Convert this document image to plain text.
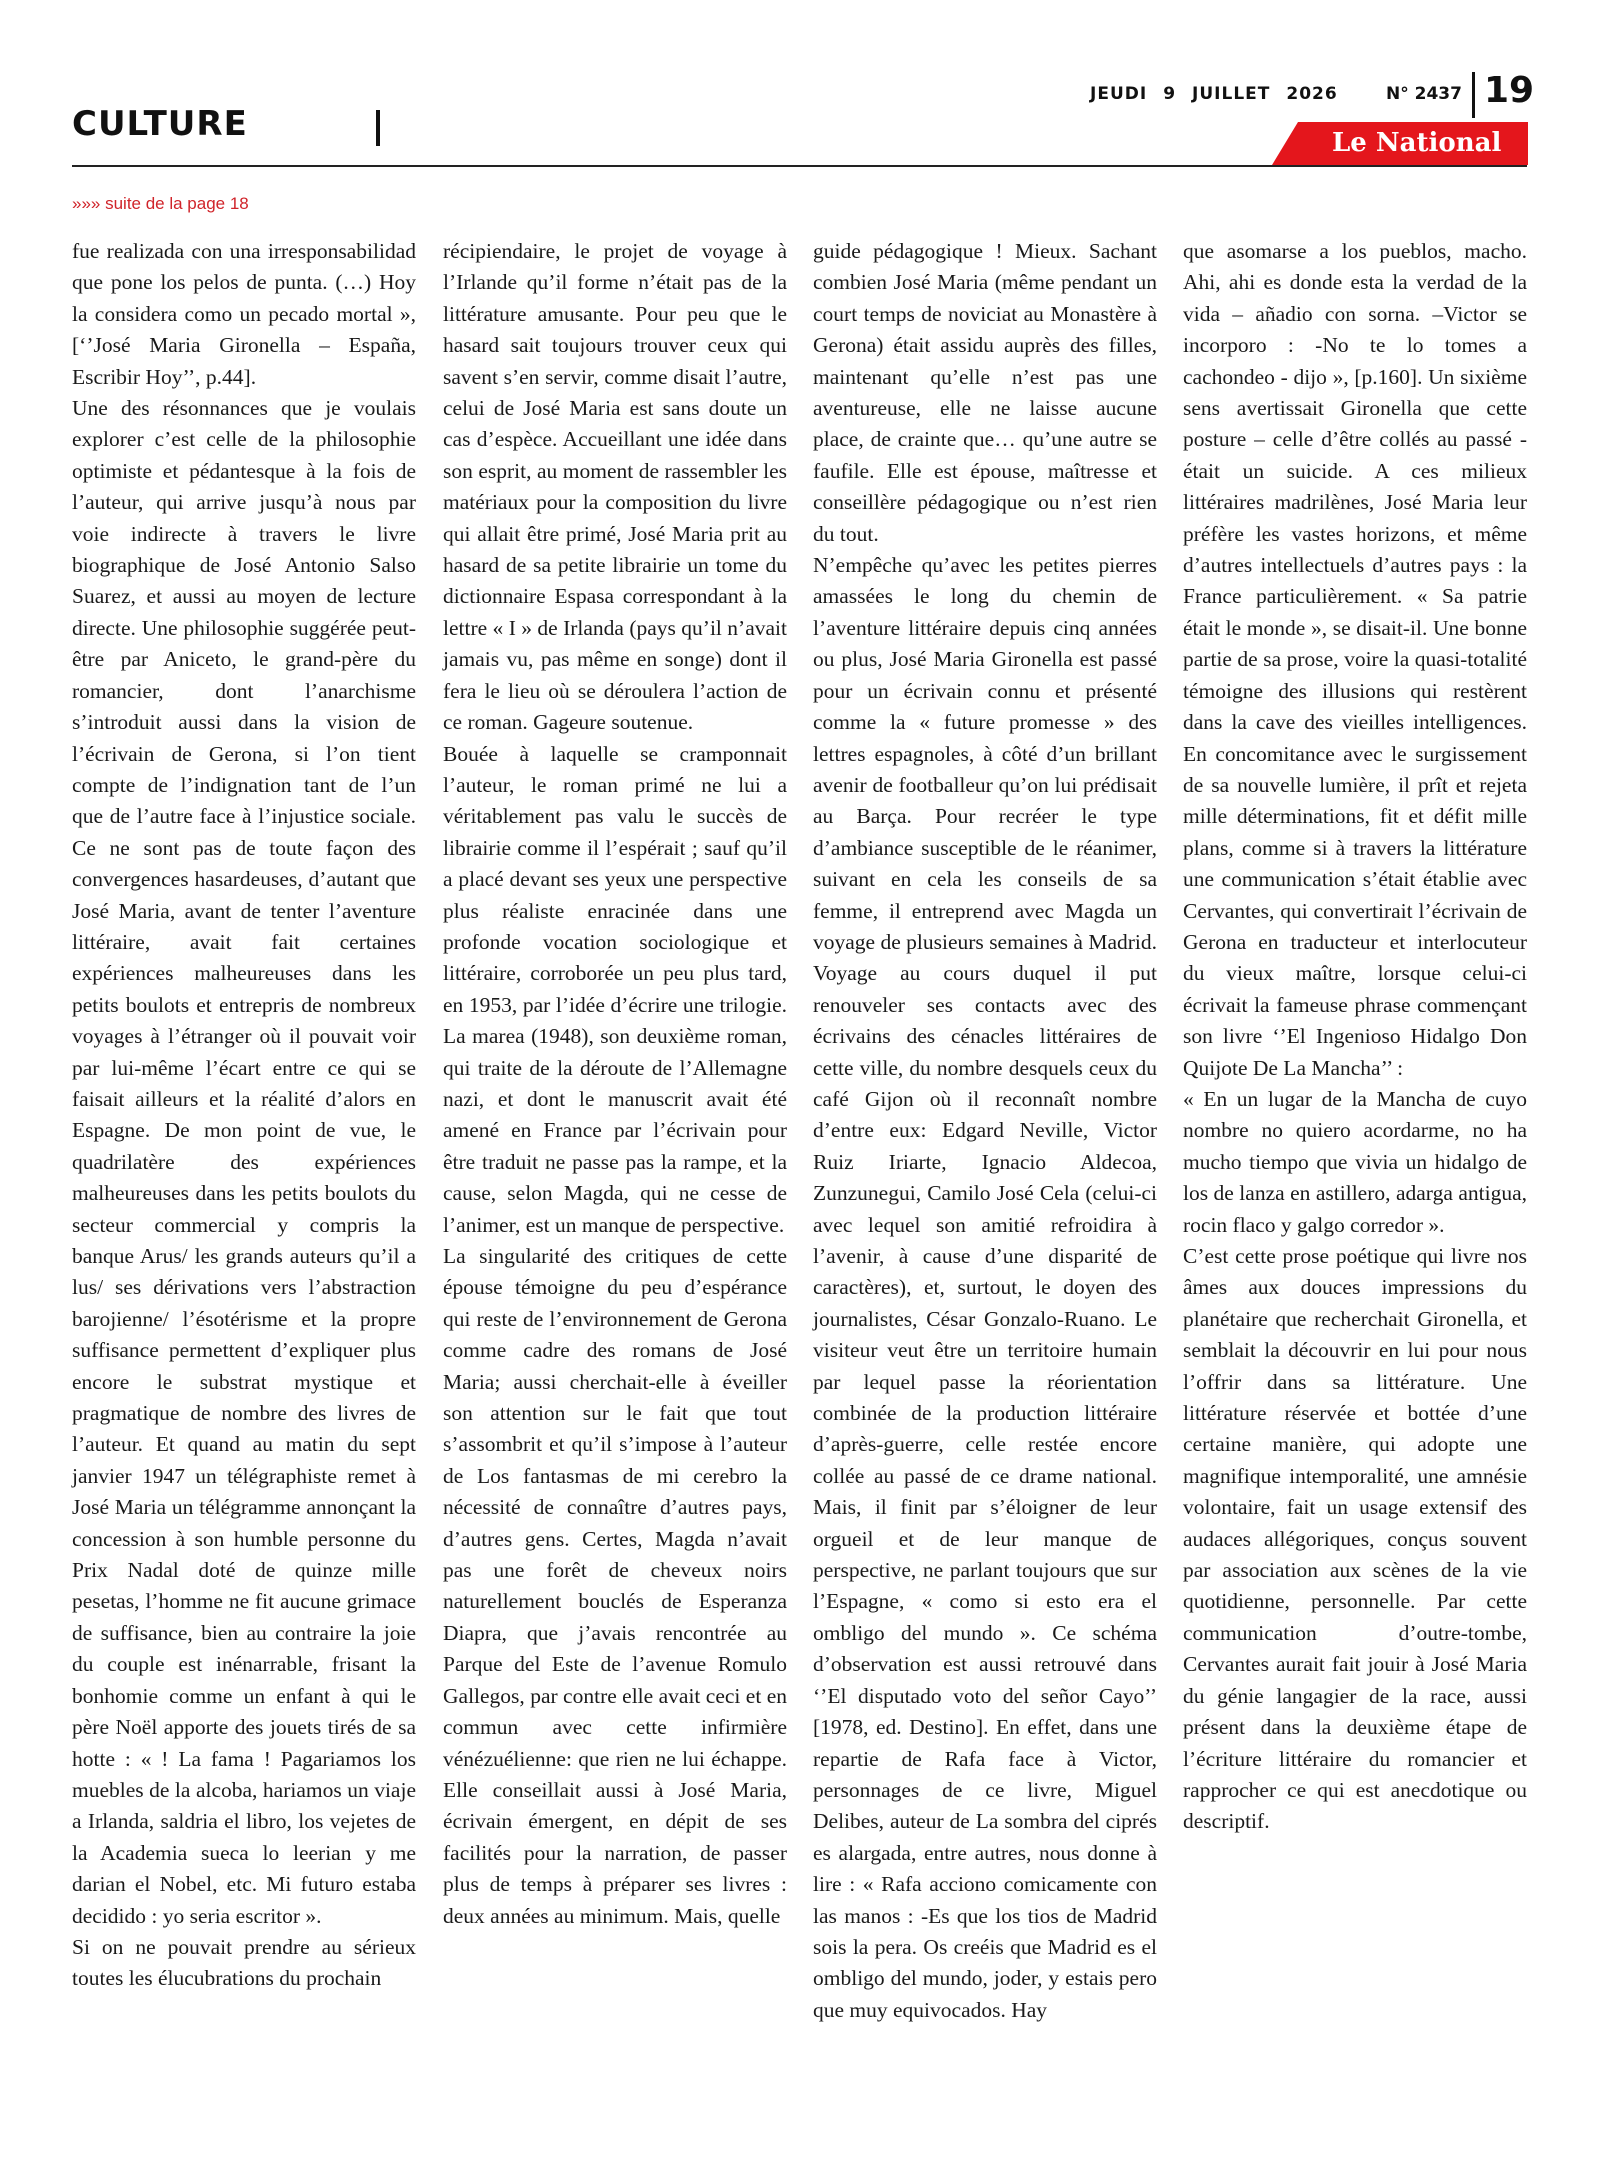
CULTURE
JEUDI 9 JUILLET 2026	N° 2437 19
Le National
»»» suite de la page 18

fue realizada con una irresponsabilidad que pone los pelos de punta. (…) Hoy la considera como un pecado mortal », [‘’José Maria Gironella – España, Escribir Hoy’’, p.44].

Une des résonnances que je voulais explorer c’est celle de la philosophie optimiste et pédantesque à la fois de l’auteur, qui arrive jusqu’à nous par voie indirecte à travers le livre biographique de José Antonio Salso Suarez, et aussi au moyen de lecture directe. Une philosophie suggérée peut-être par Aniceto, le grand-père du romancier, dont l’anarchisme s’introduit aussi dans la vision de l’écrivain de Gerona, si l’on tient compte de l’indignation tant de l’un que de l’autre face à l’injustice sociale. Ce ne sont pas de toute façon des convergences hasardeuses, d’autant que José Maria, avant de tenter l’aventure littéraire, avait fait certaines expériences malheureuses dans les petits boulots et entrepris de nombreux voyages à l’étranger où il pouvait voir par lui-même l’écart entre ce qui se faisait ailleurs et la réalité d’alors en Espagne. De mon point de vue, le quadrilatère des expériences malheureuses dans les petits boulots du secteur commercial y compris la banque Arus/ les grands auteurs qu’il a lus/ ses dérivations vers l’abstraction barojienne/ l’ésotérisme et la propre suffisance permettent d’expliquer plus encore le substrat mystique et pragmatique de nombre des livres de l’auteur. Et quand au matin du sept janvier 1947 un télégraphiste remet à José Maria un télégramme annonçant la concession à son humble personne du Prix Nadal doté de quinze mille pesetas, l’homme ne fit aucune grimace de suffisance, bien au contraire la joie du couple est inénarrable, frisant la bonhomie comme un enfant à qui le père Noël apporte des jouets tirés de sa hotte : « ! La fama ! Pagariamos los muebles de la alcoba, hariamos un viaje a Irlanda, saldria el libro, los vejetes de la Academia sueca lo leerian y me darian el Nobel, etc. Mi futuro estaba decidido : yo seria escritor ».

Si on ne pouvait prendre au sérieux toutes les élucubrations du prochain

récipiendaire, le projet de voyage à l’Irlande qu’il forme n’était pas de la littérature amusante. Pour peu que le hasard sait toujours trouver ceux qui savent s’en servir, comme disait l’autre, celui de José Maria est sans doute un cas d’espèce. Accueillant une idée dans son esprit, au moment de rassembler les matériaux pour la composition du livre qui allait être primé, José Maria prit au hasard de sa petite librairie un tome du dictionnaire Espasa correspondant à la lettre « I » de Irlanda (pays qu’il n’avait jamais vu, pas même en songe) dont il fera le lieu où se déroulera l’action de ce roman. Gageure soutenue.

Bouée à laquelle se cramponnait l’auteur, le roman primé ne lui a véritablement pas valu le succès de librairie comme il l’espérait ; sauf qu’il a placé devant ses yeux une perspective plus réaliste enracinée dans une profonde vocation sociologique et littéraire, corroborée un peu plus tard, en 1953, par l’idée d’écrire une trilogie. La marea (1948), son deuxième roman, qui traite de la déroute de l’Allemagne nazi, et dont le manuscrit avait été amené en France par l’écrivain pour être traduit ne passe pas la rampe, et la cause, selon Magda, qui ne cesse de l’animer, est un manque de perspective.

La singularité des critiques de cette épouse témoigne du peu d’espérance qui reste de l’environnement de Gerona comme cadre des romans de José Maria; aussi cherchait-elle à éveiller son attention sur le fait que tout s’assombrit et qu’il s’impose à l’auteur de Los fantasmas de mi cerebro la nécessité de connaître d’autres pays, d’autres gens. Certes, Magda n’avait pas une forêt de cheveux noirs naturellement bouclés de Esperanza Diapra, que j’avais rencontrée au Parque del Este de l’avenue Romulo Gallegos, par contre elle avait ceci et en commun avec cette infirmière vénézuélienne: que rien ne lui échappe. Elle conseillait aussi à José Maria, écrivain émergent, en dépit de ses facilités pour la narration, de passer plus de temps à préparer ses livres : deux années au minimum. Mais, quelle

guide pédagogique ! Mieux. Sachant combien José Maria (même pendant un court temps de noviciat au Monastère à Gerona) était assidu auprès des filles, maintenant qu’elle n’est pas une aventureuse, elle ne laisse aucune place, de crainte que… qu’une autre se faufile. Elle est épouse, maîtresse et conseillère pédagogique ou n’est rien du tout.

N’empêche qu’avec les petites pierres amassées le long du chemin de l’aventure littéraire depuis cinq années ou plus, José Maria Gironella est passé pour un écrivain connu et présenté comme la « future promesse » des lettres espagnoles, à côté d’un brillant avenir de footballeur qu’on lui prédisait au Barça. Pour recréer le type d’ambiance susceptible de le réanimer, suivant en cela les conseils de sa femme, il entreprend avec Magda un voyage de plusieurs semaines à Madrid. Voyage au cours duquel il put renouveler ses contacts avec des écrivains des cénacles littéraires de cette ville, du nombre desquels ceux du café Gijon où il reconnaît nombre d’entre eux: Edgard Neville, Victor Ruiz Iriarte, Ignacio Aldecoa, Zunzunegui, Camilo José Cela (celui-ci avec lequel son amitié refroidira à l’avenir, à cause d’une disparité de caractères), et, surtout, le doyen des journalistes, César Gonzalo-Ruano. Le visiteur veut être un territoire humain par lequel passe la réorientation combinée de la production littéraire d’après-guerre, celle restée encore collée au passé de ce drame national. Mais, il finit par s’éloigner de leur orgueil et de leur manque de perspective, ne parlant toujours que sur l’Espagne, « como si esto era el ombligo del mundo ». Ce schéma d’observation est aussi retrouvé dans ‘’El disputado voto del señor Cayo’’ [1978, ed. Destino]. En effet, dans une repartie de Rafa face à Victor, personnages de ce livre, Miguel Delibes, auteur de La sombra del ciprés es alargada, entre autres, nous donne à lire : « Rafa acciono comicamente con las manos : -Es que los tios de Madrid sois la pera. Os creéis que Madrid es el ombligo del mundo, joder, y estais pero que muy equivocados. Hay

que asomarse a los pueblos, macho. Ahi, ahi es donde esta la verdad de la vida – añadio con sorna. –Victor se incorporo : -No te lo tomes a cachondeo - dijo », [p.160]. Un sixième sens avertissait Gironella que cette posture – celle d’être collés au passé - était un suicide. A ces milieux littéraires madrilènes, José Maria leur préfère les vastes horizons, et même d’autres intellectuels d’autres pays : la France particulièrement. « Sa patrie était le monde », se disait-il. Une bonne partie de sa prose, voire la quasi-totalité témoigne des illusions qui restèrent dans la cave des vieilles intelligences. En concomitance avec le surgissement de sa nouvelle lumière, il prît et rejeta mille déterminations, fit et défit mille plans, comme si à travers la littérature une communication s’était établie avec Cervantes, qui convertirait l’écrivain de Gerona en traducteur et interlocuteur du vieux maître, lorsque celui-ci écrivait la fameuse phrase commençant son livre ‘’El Ingenioso Hidalgo Don Quijote De La Mancha’’ :

« En un lugar de la Mancha de cuyo nombre no quiero acordarme, no ha mucho tiempo que vivia un hidalgo de los de lanza en astillero, adarga antigua, rocin flaco y galgo corredor ».

C’est cette prose poétique qui livre nos âmes aux douces impressions du planétaire que recherchait Gironella, et semblait la découvrir en lui pour nous l’offrir dans sa littérature. Une littérature réservée et bottée d’une certaine manière, qui adopte une magnifique intemporalité, une amnésie volontaire, fait un usage extensif des audaces allégoriques, conçus souvent par association aux scènes de la vie quotidienne, personnelle. Par cette communication d’outre-tombe, Cervantes aurait fait jouir à José Maria du génie langagier de la race, aussi présent dans la deuxième étape de l’écriture littéraire du romancier et rapprocher ce qui est anecdotique ou descriptif.
